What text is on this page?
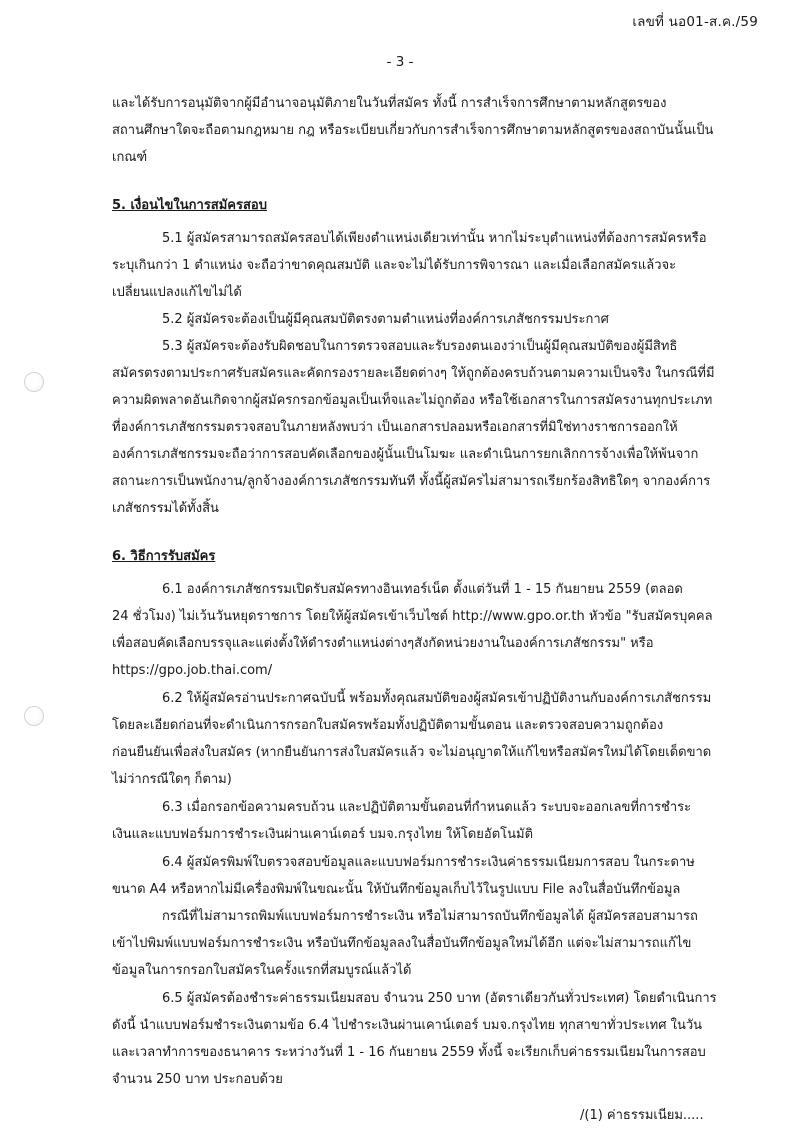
เลขที่ นอ01-ส.ค./59
- 3 -
และได้รับการอนุมัติจากผู้มีอำนาจอนุมัติภายในวันที่สมัคร ทั้งนี้ การสำเร็จการศึกษาตามหลักสูตรของ
สถานศึกษาใดจะถือตามกฎหมาย กฎ หรือระเบียบเกี่ยวกับการสำเร็จการศึกษาตามหลักสูตรของสถาบันนั้นเป็น
เกณฑ์
5. เงื่อนไขในการสมัครสอบ
5.1 ผู้สมัครสามารถสมัครสอบได้เพียงตำแหน่งเดียวเท่านั้น หากไม่ระบุตำแหน่งที่ต้องการสมัครหรือ
ระบุเกินกว่า 1 ตำแหน่ง จะถือว่าขาดคุณสมบัติ และจะไม่ได้รับการพิจารณา และเมื่อเลือกสมัครแล้วจะ
เปลี่ยนแปลงแก้ไขไม่ได้
5.2 ผู้สมัครจะต้องเป็นผู้มีคุณสมบัติตรงตามตำแหน่งที่องค์การเภสัชกรรมประกาศ
5.3 ผู้สมัครจะต้องรับผิดชอบในการตรวจสอบและรับรองตนเองว่าเป็นผู้มีคุณสมบัติของผู้มีสิทธิ
สมัครตรงตามประกาศรับสมัครและคัดกรองรายละเอียดต่างๆ ให้ถูกต้องครบถ้วนตามความเป็นจริง ในกรณีที่มี
ความผิดพลาดอันเกิดจากผู้สมัครกรอกข้อมูลเป็นเท็จและไม่ถูกต้อง หรือใช้เอกสารในการสมัครงานทุกประเภท
ที่องค์การเภสัชกรรมตรวจสอบในภายหลังพบว่า เป็นเอกสารปลอมหรือเอกสารที่มิใช่ทางราชการออกให้
องค์การเภสัชกรรมจะถือว่าการสอบคัดเลือกของผู้นั้นเป็นโมฆะ และดำเนินการยกเลิกการจ้างเพื่อให้พ้นจาก
สถานะการเป็นพนักงาน/ลูกจ้างองค์การเภสัชกรรมทันที ทั้งนี้ผู้สมัครไม่สามารถเรียกร้องสิทธิใดๆ จากองค์การ
เภสัชกรรมได้ทั้งสิ้น
6. วิธีการรับสมัคร
6.1 องค์การเภสัชกรรมเปิดรับสมัครทางอินเทอร์เน็ต ตั้งแต่วันที่ 1 - 15 กันยายน 2559 (ตลอด
24 ชั่วโมง) ไม่เว้นวันหยุดราชการ โดยให้ผู้สมัครเข้าเว็บไซต์ http://www.gpo.or.th หัวข้อ "รับสมัครบุคคล
เพื่อสอบคัดเลือกบรรจุและแต่งตั้งให้ดำรงตำแหน่งต่างๆสังกัดหน่วยงานในองค์การเภสัชกรรม" หรือ
https://gpo.job.thai.com/
6.2 ให้ผู้สมัครอ่านประกาศฉบับนี้ พร้อมทั้งคุณสมบัติของผู้สมัครเข้าปฏิบัติงานกับองค์การเภสัชกรรม
โดยละเอียดก่อนที่จะดำเนินการกรอกใบสมัครพร้อมทั้งปฏิบัติตามขั้นตอน และตรวจสอบความถูกต้อง
ก่อนยืนยันเพื่อส่งใบสมัคร (หากยืนยันการส่งใบสมัครแล้ว จะไม่อนุญาตให้แก้ไขหรือสมัครใหม่ได้โดยเด็ดขาด
ไม่ว่ากรณีใดๆ ก็ตาม)
6.3 เมื่อกรอกข้อความครบถ้วน และปฏิบัติตามขั้นตอนที่กำหนดแล้ว ระบบจะออกเลขที่การชำระ
เงินและแบบฟอร์มการชำระเงินผ่านเคาน์เตอร์ บมจ.กรุงไทย ให้โดยอัตโนมัติ
6.4 ผู้สมัครพิมพ์ใบตรวจสอบข้อมูลและแบบฟอร์มการชำระเงินค่าธรรมเนียมการสอบ ในกระดาษ
ขนาด A4 หรือหากไม่มีเครื่องพิมพ์ในขณะนั้น ให้บันทึกข้อมูลเก็บไว้ในรูปแบบ File ลงในสื่อบันทึกข้อมูล
กรณีที่ไม่สามารถพิมพ์แบบฟอร์มการชำระเงิน หรือไม่สามารถบันทึกข้อมูลได้ ผู้สมัครสอบสามารถ
เข้าไปพิมพ์แบบฟอร์มการชำระเงิน หรือบันทึกข้อมูลลงในสื่อบันทึกข้อมูลใหม่ได้อีก แต่จะไม่สามารถแก้ไข
ข้อมูลในการกรอกใบสมัครในครั้งแรกที่สมบูรณ์แล้วได้
6.5 ผู้สมัครต้องชำระค่าธรรมเนียมสอบ จำนวน 250 บาท (อัตราเดียวกันทั่วประเทศ) โดยดำเนินการ
ดังนี้ นำแบบฟอร์มชำระเงินตามข้อ 6.4 ไปชำระเงินผ่านเคาน์เตอร์ บมจ.กรุงไทย ทุกสาขาทั่วประเทศ ในวัน
และเวลาทำการของธนาคาร ระหว่างวันที่ 1 - 16 กันยายน 2559 ทั้งนี้ จะเรียกเก็บค่าธรรมเนียมในการสอบ
จำนวน 250 บาท ประกอบด้วย
/(1) ค่าธรรมเนียม.....
